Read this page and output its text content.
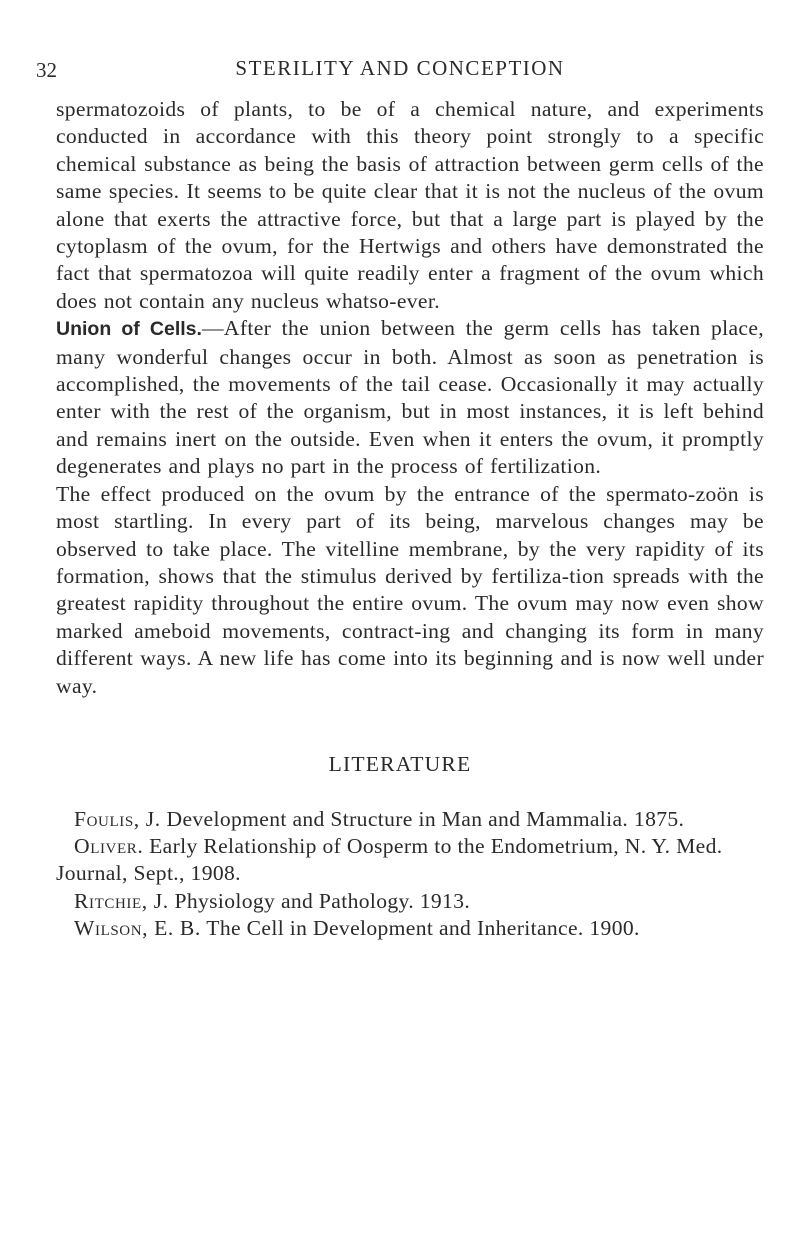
32	STERILITY AND CONCEPTION

spermatozoids of plants, to be of a chemical nature, and experiments conducted in accordance with this theory point strongly to a specific chemical substance as being the basis of attraction between germ cells of the same species. It seems to be quite clear that it is not the nucleus of the ovum alone that exerts the attractive force, but that a large part is played by the cytoplasm of the ovum, for the Hertwigs and others have demonstrated the fact that spermatozoa will quite readily enter a fragment of the ovum which does not contain any nucleus whatso-ever.

Union of Cells.—After the union between the germ cells has taken place, many wonderful changes occur in both. Almost as soon as penetration is accomplished, the movements of the tail cease. Occasionally it may actually enter with the rest of the organism, but in most instances, it is left behind and remains inert on the outside. Even when it enters the ovum, it promptly degenerates and plays no part in the process of fertilization.

The effect produced on the ovum by the entrance of the spermato-zoön is most startling. In every part of its being, marvelous changes may be observed to take place. The vitelline membrane, by the very rapidity of its formation, shows that the stimulus derived by fertiliza-tion spreads with the greatest rapidity throughout the entire ovum. The ovum may now even show marked ameboid movements, contract-ing and changing its form in many different ways. A new life has come into its beginning and is now well under way.

LITERATURE

Foulis, J. Development and Structure in Man and Mammalia. 1875.

Oliver. Early Relationship of Oosperm to the Endometrium, N. Y. Med. Journal, Sept., 1908.

Ritchie, J. Physiology and Pathology. 1913.

Wilson, E. B. The Cell in Development and Inheritance. 1900.
